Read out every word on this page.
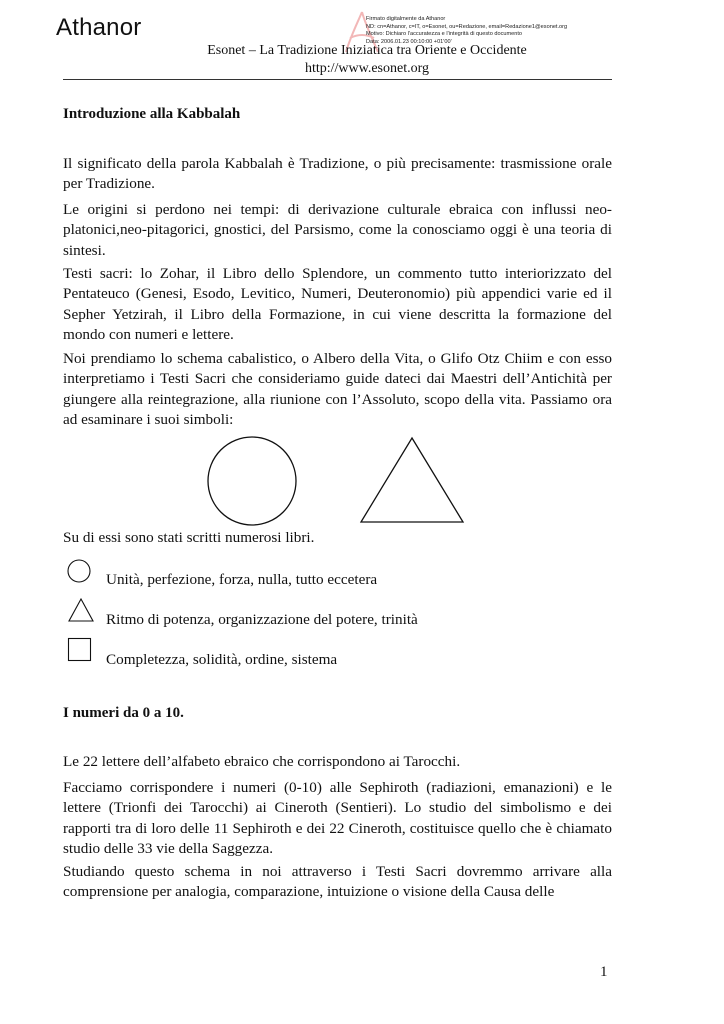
Athanor	Firmato digitalmente da Athanor
ND: cn=Athanor, c=IT, o=Esonet, ou=Redazione, email=Redazione1@esonet.org
Motivo: Dichiaro l'accuratezza e l'integrità di questo documento
Data: 2006.01.23 00:10:00 +01'00'
Esonet – La Tradizione Iniziatica tra Oriente e Occidente
http://www.esonet.org
Introduzione alla Kabbalah
Il significato della parola Kabbalah è Tradizione, o più precisamente: trasmissione orale per Tradizione.
Le origini si perdono nei tempi: di derivazione culturale ebraica con influssi neo-platonici,neo-pitagorici, gnostici, del Parsismo, come la conosciamo oggi è una teoria di sintesi.
Testi sacri: lo Zohar, il Libro dello Splendore, un commento tutto interiorizzato del Pentateuco (Genesi, Esodo, Levitico, Numeri, Deuteronomio) più appendici varie ed il Sepher Yetzirah, il Libro della Formazione, in cui viene descritta la formazione del mondo con numeri e lettere.
Noi prendiamo lo schema cabalistico, o Albero della Vita, o Glifo Otz Chiim e con esso interpretiamo i Testi Sacri che consideriamo guide dateci dai Maestri dell’Antichità per giungere alla reintegrazione, alla riunione con l’Assoluto, scopo della vita. Passiamo ora ad esaminare i suoi simboli:
Su di essi sono stati scritti numerosi libri.
Unità, perfezione, forza, nulla, tutto eccetera
Ritmo di potenza, organizzazione del potere, trinità
Completezza, solidità, ordine, sistema
I numeri da 0 a 10.
Le 22 lettere dell’alfabeto ebraico che corrispondono ai Tarocchi.
Facciamo corrispondere i numeri (0-10) alle Sephiroth (radiazioni, emanazioni) e le lettere (Trionfi dei Tarocchi) ai Cineroth (Sentieri). Lo studio del simbolismo e dei rapporti tra di loro delle 11 Sephiroth e dei 22 Cineroth, costituisce quello che è chiamato studio delle 33 vie della Saggezza.
Studiando questo schema in noi attraverso i Testi Sacri dovremmo arrivare alla comprensione per analogia, comparazione, intuizione o visione della Causa delle
1
